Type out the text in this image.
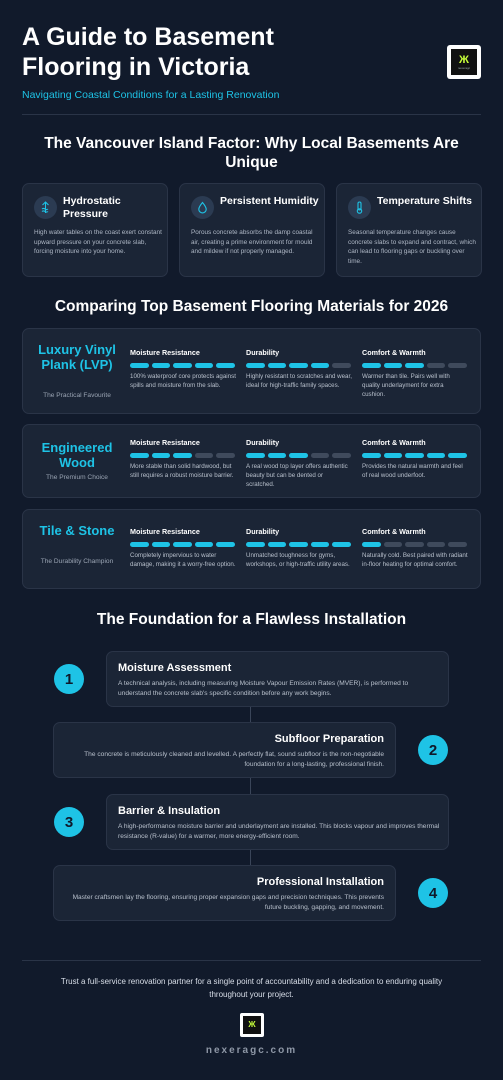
A Guide to Basement Flooring in Victoria
Navigating Coastal Conditions for a Lasting Renovation
Ж
nexeragc
The Vancouver Island Factor: Why Local Basements Are Unique
Hydrostatic Pressure
High water tables on the coast exert constant upward pressure on your concrete slab, forcing moisture into your home.
Persistent Humidity
Porous concrete absorbs the damp coastal air, creating a prime environment for mould and mildew if not properly managed.
Temperature Shifts
Seasonal temperature changes cause concrete slabs to expand and contract, which can lead to flooring gaps or buckling over time.
Comparing Top Basement Flooring Materials for 2026
Luxury Vinyl Plank (LVP)
The Practical Favourite
Moisture Resistance
100% waterproof core protects against spills and moisture from the slab.
Durability
Highly resistant to scratches and wear, ideal for high-traffic family spaces.
Comfort & Warmth
Warmer than tile. Pairs well with quality underlayment for extra cushion.
Engineered Wood
The Premium Choice
Moisture Resistance
More stable than solid hardwood, but still requires a robust moisture barrier.
Durability
A real wood top layer offers authentic beauty but can be dented or scratched.
Comfort & Warmth
Provides the natural warmth and feel of real wood underfoot.
Tile & Stone
The Durability Champion
Moisture Resistance
Completely impervious to water damage, making it a worry-free option.
Durability
Unmatched toughness for gyms, workshops, or high-traffic utility areas.
Comfort & Warmth
Naturally cold. Best paired with radiant in-floor heating for optimal comfort.
The Foundation for a Flawless Installation
1
Moisture Assessment
A technical analysis, including measuring Moisture Vapour Emission Rates (MVER), is performed to understand the concrete slab's specific condition before any work begins.
Subfloor Preparation
The concrete is meticulously cleaned and levelled. A perfectly flat, sound subfloor is the non-negotiable foundation for a long-lasting, professional finish.
2
3
Barrier & Insulation
A high-performance moisture barrier and underlayment are installed. This blocks vapour and improves thermal resistance (R-value) for a warmer, more energy-efficient room.
Professional Installation
Master craftsmen lay the flooring, ensuring proper expansion gaps and precision techniques. This prevents future buckling, gapping, and movement.
4

Trust a full-service renovation partner for a single point of accountability and a dedication to enduring quality throughout your project.

Ж
nexeragc.com
